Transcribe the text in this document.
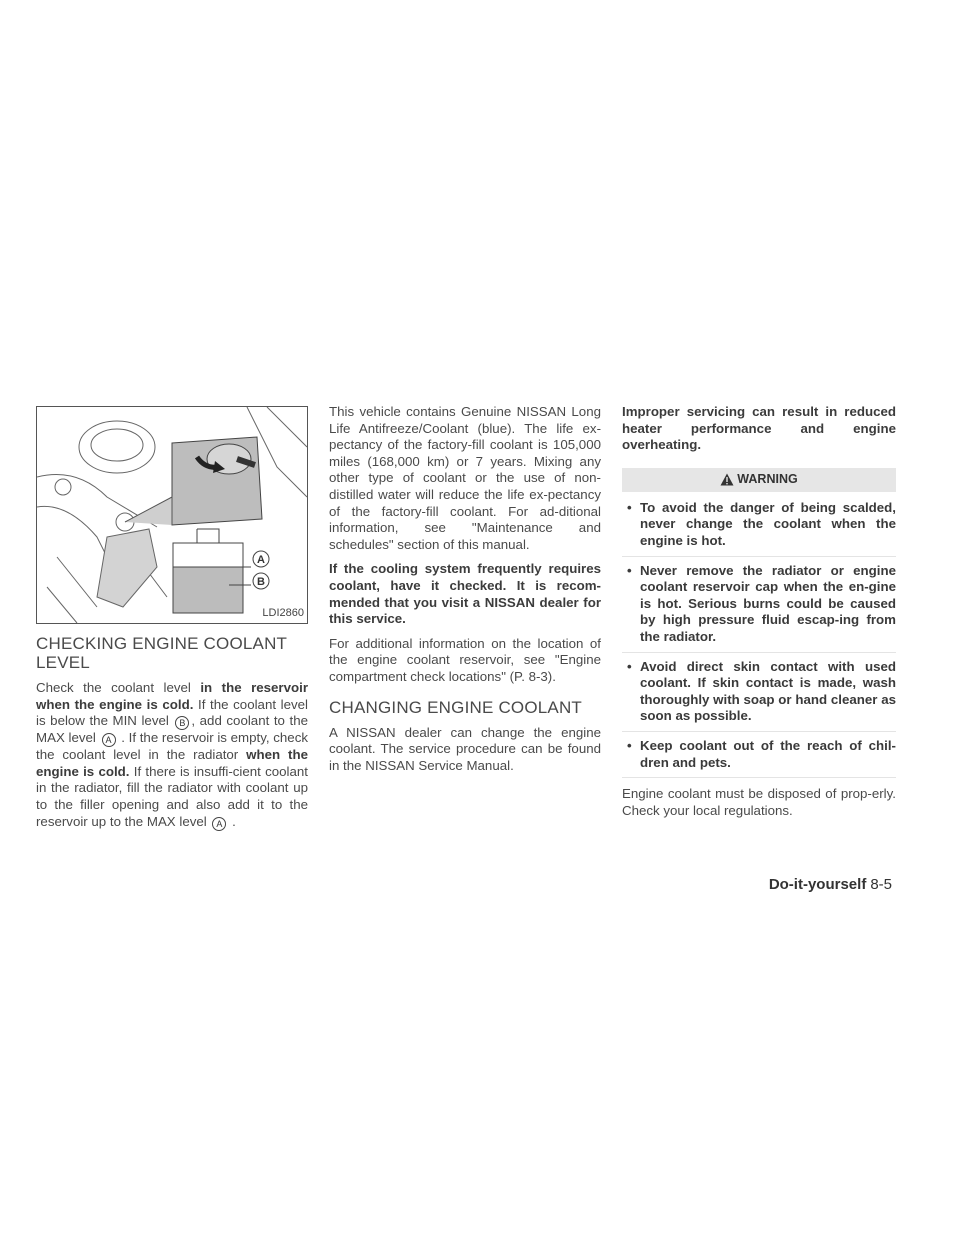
A
B
LDI2860
CHECKING ENGINE COOLANT LEVEL

Check the coolant level in the reservoir when the engine is cold. If the coolant level is below the MIN level B , add coolant to the MAX level A . If the reservoir is empty, check the coolant level in the radiator when the engine is cold. If there is insuffi-cient coolant in the radiator, fill the radiator with coolant up to the filler opening and also add it to the reservoir up to the MAX level A .

This vehicle contains Genuine NISSAN Long Life Antifreeze/Coolant (blue). The life ex-pectancy of the factory-fill coolant is 105,000 miles (168,000 km) or 7 years. Mixing any other type of coolant or the use of non-distilled water will reduce the life ex-pectancy of the factory-fill coolant. For ad-ditional information, see "Maintenance and schedules" section of this manual.

If the cooling system frequently requires coolant, have it checked. It is recom-mended that you visit a NISSAN dealer for this service.

For additional information on the location of the engine coolant reservoir, see "Engine compartment check locations" (P. 8-3).

CHANGING ENGINE COOLANT

A NISSAN dealer can change the engine coolant. The service procedure can be found in the NISSAN Service Manual.

Improper servicing can result in reduced heater performance and engine overheating.

WARNING
• To avoid the danger of being scalded, never change the coolant when the engine is hot.
• Never remove the radiator or engine coolant reservoir cap when the en-gine is hot. Serious burns could be caused by high pressure fluid escap-ing from the radiator.
• Avoid direct skin contact with used coolant. If skin contact is made, wash thoroughly with soap or hand cleaner as soon as possible.
• Keep coolant out of the reach of chil-dren and pets.

Engine coolant must be disposed of prop-erly. Check your local regulations.

Do-it-yourself 8-5
